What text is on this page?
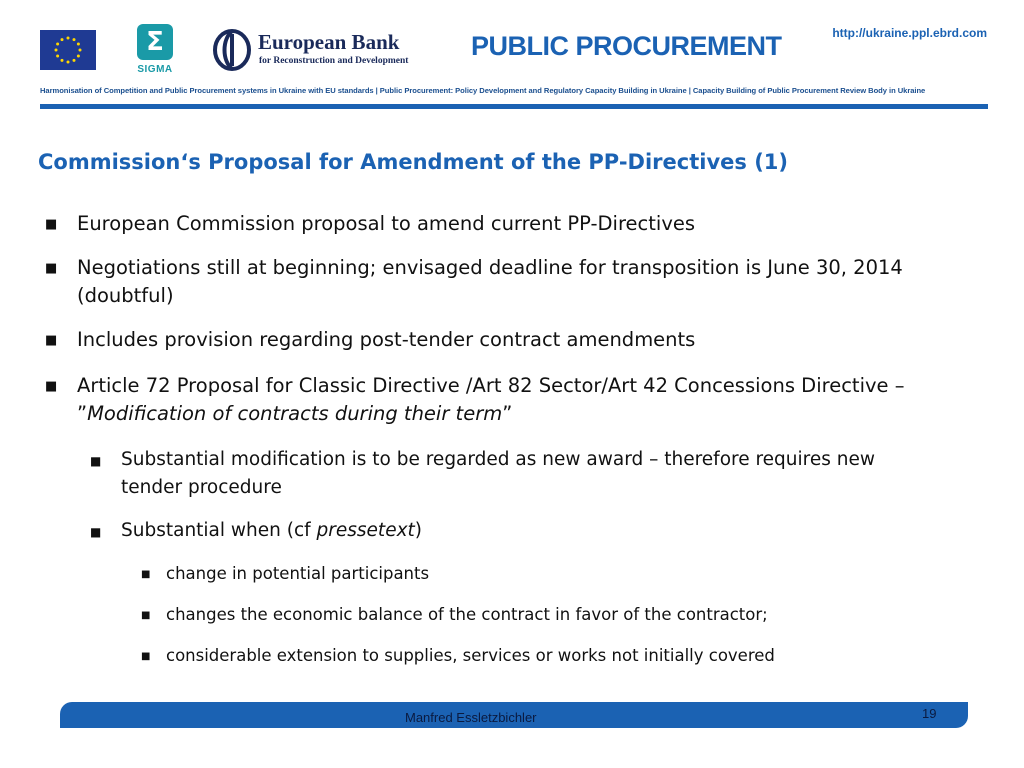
Σ
SIGMA
European Bank
for Reconstruction and Development PUBLIC PROCUREMENT	http://ukraine.ppl.ebrd.com
Harmonisation of Competition and Public Procurement systems in Ukraine with EU standards | Public Procurement: Policy Development and Regulatory Capacity Building in Ukraine | Capacity Building of Public Procurement Review Body in Ukraine
Commission‘s Proposal for Amendment of the PP-Directives (1)
■ European Commission proposal to amend current PP-Directives
■ Negotiations still at beginning; envisaged deadline for transposition is June 30, 2014 (doubtful)
■ Includes provision regarding post-tender contract amendments
■ Article 72 Proposal for Classic Directive /Art 82 Sector/Art 42 Concessions Directive – ”Modification of contracts during their term”
■ Substantial modification is to be regarded as new award – therefore requires new tender procedure
■ Substantial when (cf pressetext)
■ change in potential participants
■ changes the economic balance of the contract in favor of the contractor;
■ considerable extension to supplies, services or works not initially covered
Manfred Essletzbichler	19
